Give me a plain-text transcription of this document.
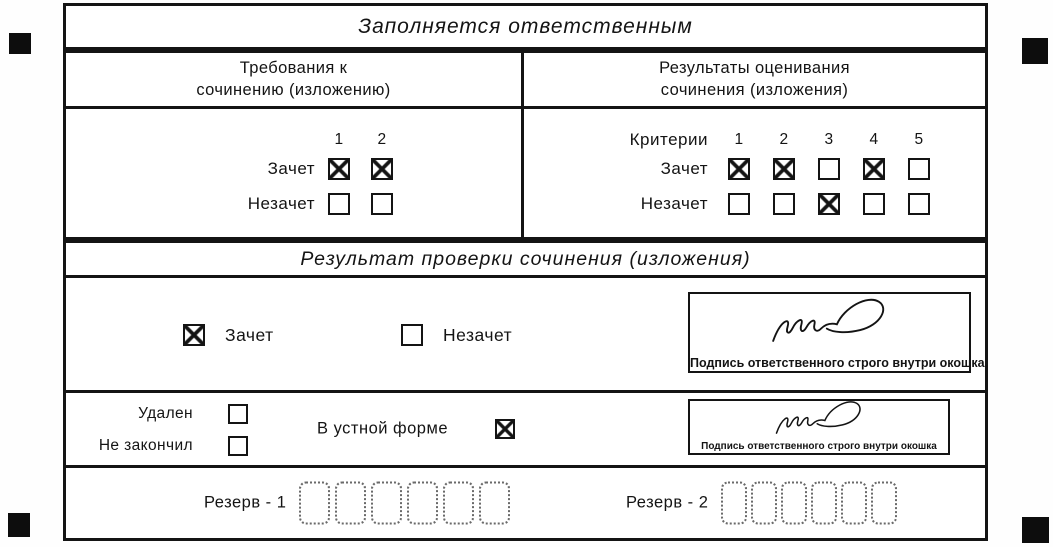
Заполняется ответственным
Требования к
сочинению (изложению)
Результаты оценивания
сочинения (изложения)
1	2
Зачет
Незачет
Критерии	1	2	3	4	5
Зачет
Незачет
Результат проверки сочинения (изложения)
Зачет	Незачет
Подпись ответственного строго внутри окошка
Удален
Не закончил
В устной форме
Подпись ответственного строго внутри окошка
Резерв - 1	Резерв - 2
